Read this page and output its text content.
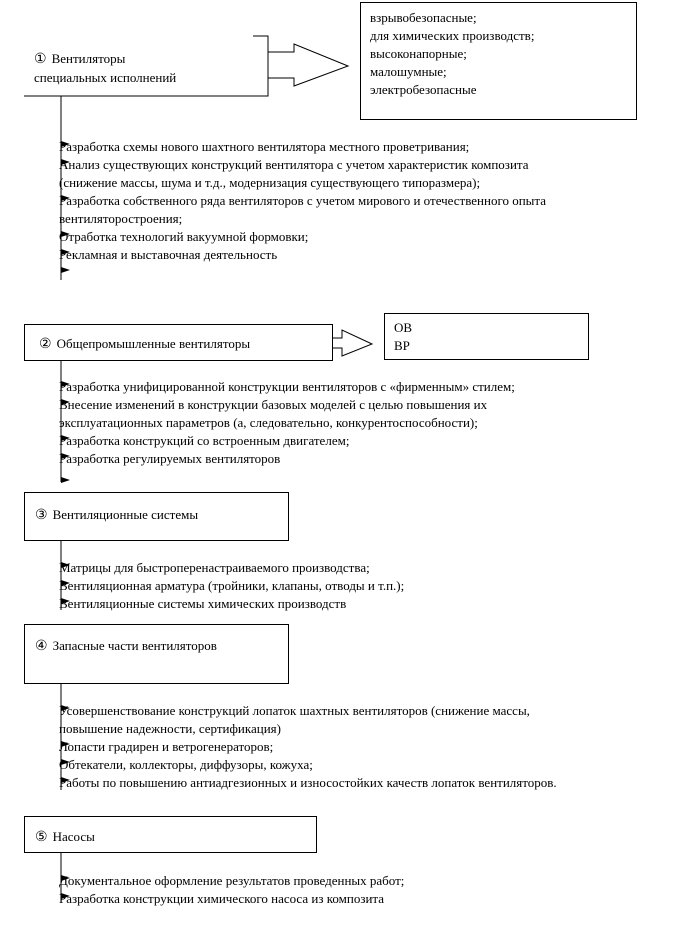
① Вентиляторы
специальных исполнений
взрывобезопасные;
для химических производств;
высоконапорные;
малошумные;
электробезопасные
Разработка схемы нового шахтного вентилятора местного проветривания;
Анализ существующих конструкций вентилятора с учетом характеристик композита
(снижение массы, шума и т.д., модернизация существующего типоразмера);
Разработка собственного ряда вентиляторов с учетом мирового и отечественного опыта
вентиляторостроения;
Отработка технологий вакуумной формовки;
Рекламная и выставочная деятельность
② Общепромышленные вентиляторы
ОВ
ВР
Разработка унифицированной конструкции вентиляторов с «фирменным» стилем;
Внесение изменений в конструкции базовых моделей с целью повышения их
эксплуатационных параметров (а, следовательно, конкурентоспособности);
Разработка конструкций со встроенным двигателем;
Разработка регулируемых вентиляторов
③ Вентиляционные системы
Матрицы для быстроперенастраиваемого производства;
Вентиляционная арматура (тройники, клапаны, отводы и т.п.);
Вентиляционные системы химических производств
④ Запасные части вентиляторов
Усовершенствование конструкций лопаток шахтных вентиляторов (снижение массы,
повышение надежности, сертификация)
Лопасти градирен и ветрогенераторов;
Обтекатели, коллекторы, диффузоры, кожуха;
Работы по повышению антиадгезионных и износостойких качеств лопаток вентиляторов.
⑤ Насосы
Документальное оформление результатов проведенных работ;
Разработка конструкции химического насоса из композита
